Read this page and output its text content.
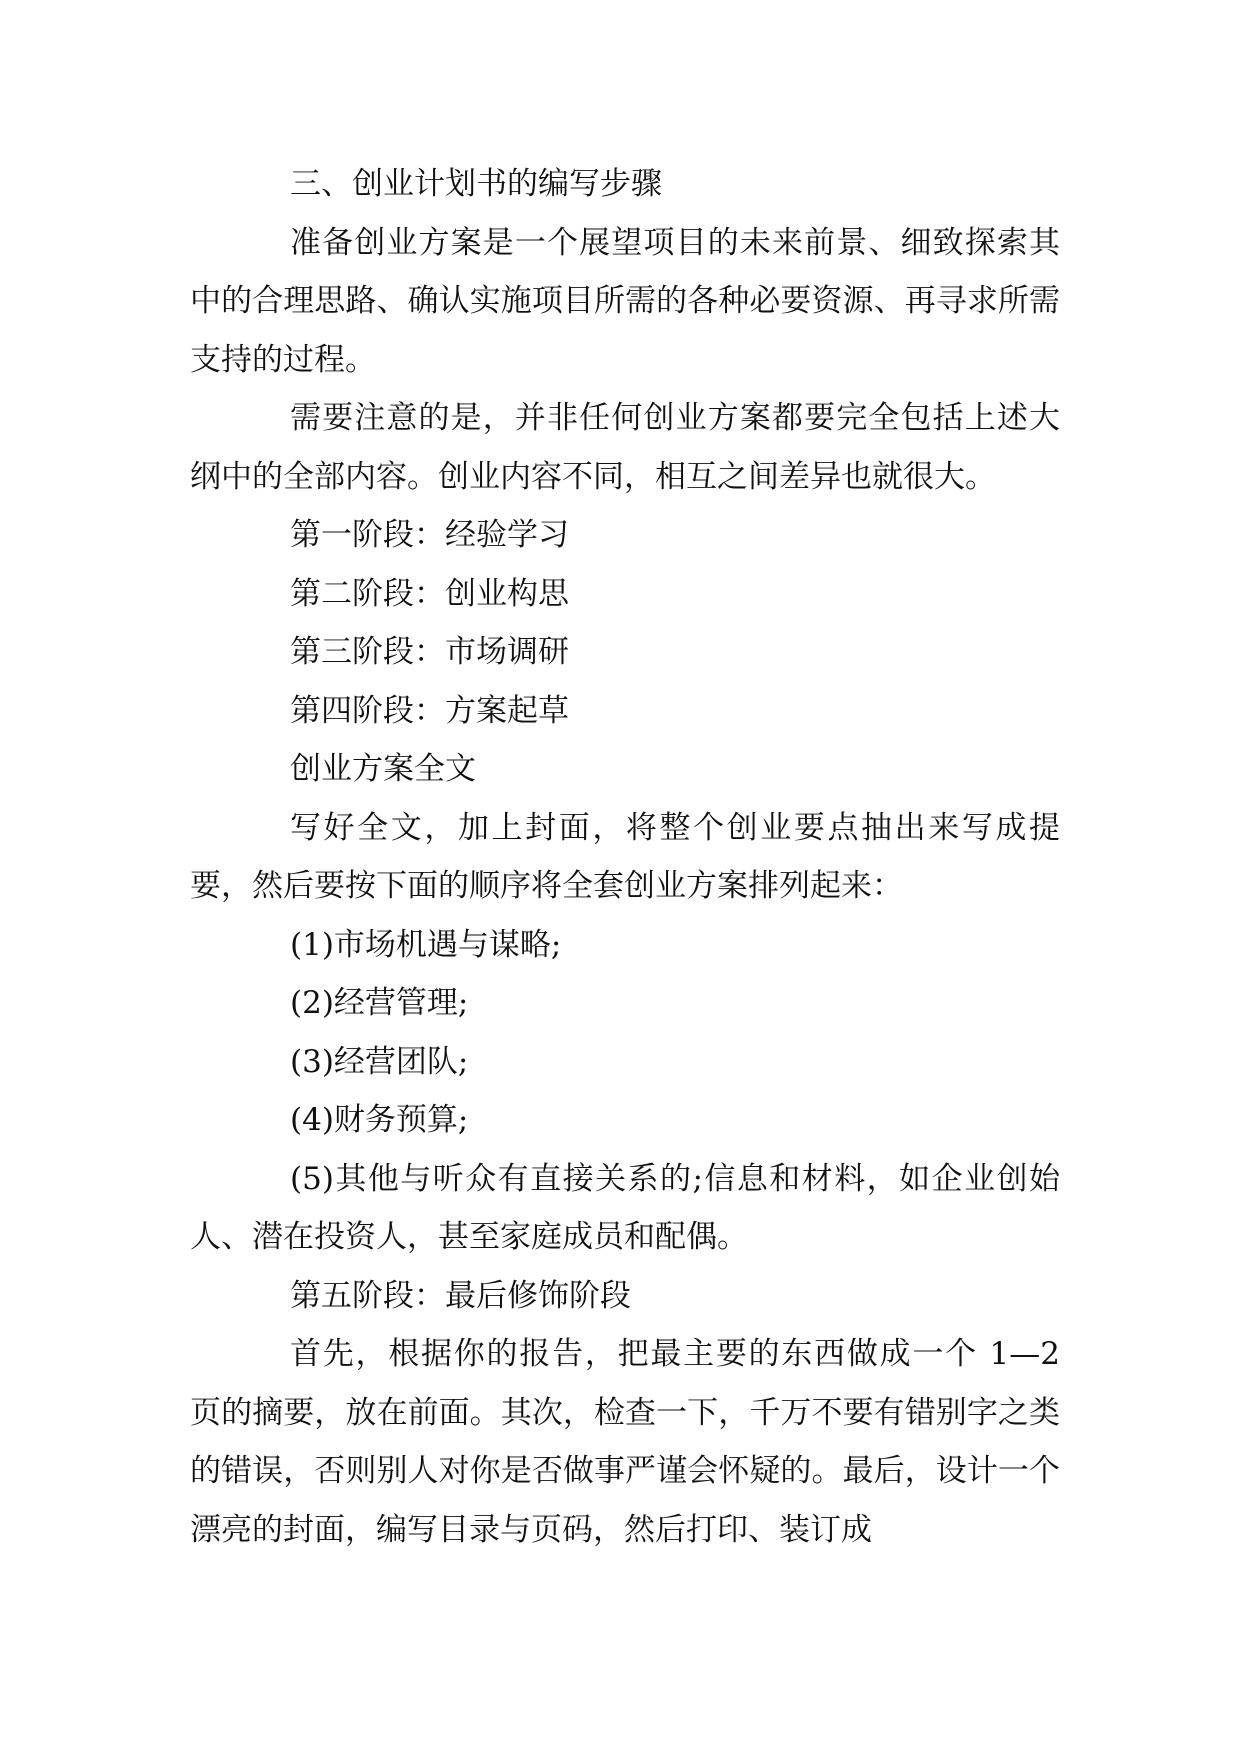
三、创业计划书的编写步骤

准备创业方案是一个展望项目的未来前景、细致探索其中的合理思路、确认实施项目所需的各种必要资源、再寻求所需支持的过程。

需要注意的是，并非任何创业方案都要完全包括上述大纲中的全部内容。创业内容不同，相互之间差异也就很大。

第一阶段：经验学习

第二阶段：创业构思

第三阶段：市场调研

第四阶段：方案起草

创业方案全文

写好全文，加上封面，将整个创业要点抽出来写成提要，然后要按下面的顺序将全套创业方案排列起来：

(1)市场机遇与谋略;

(2)经营管理;

(3)经营团队;

(4)财务预算;

(5)其他与听众有直接关系的;信息和材料，如企业创始人、潜在投资人，甚至家庭成员和配偶。

第五阶段：最后修饰阶段

首先，根据你的报告，把最主要的东西做成一个 1—2 页的摘要，放在前面。其次，检查一下，千万不要有错别字之类的错误，否则别人对你是否做事严谨会怀疑的。最后，设计一个漂亮的封面，编写目录与页码，然后打印、装订成
